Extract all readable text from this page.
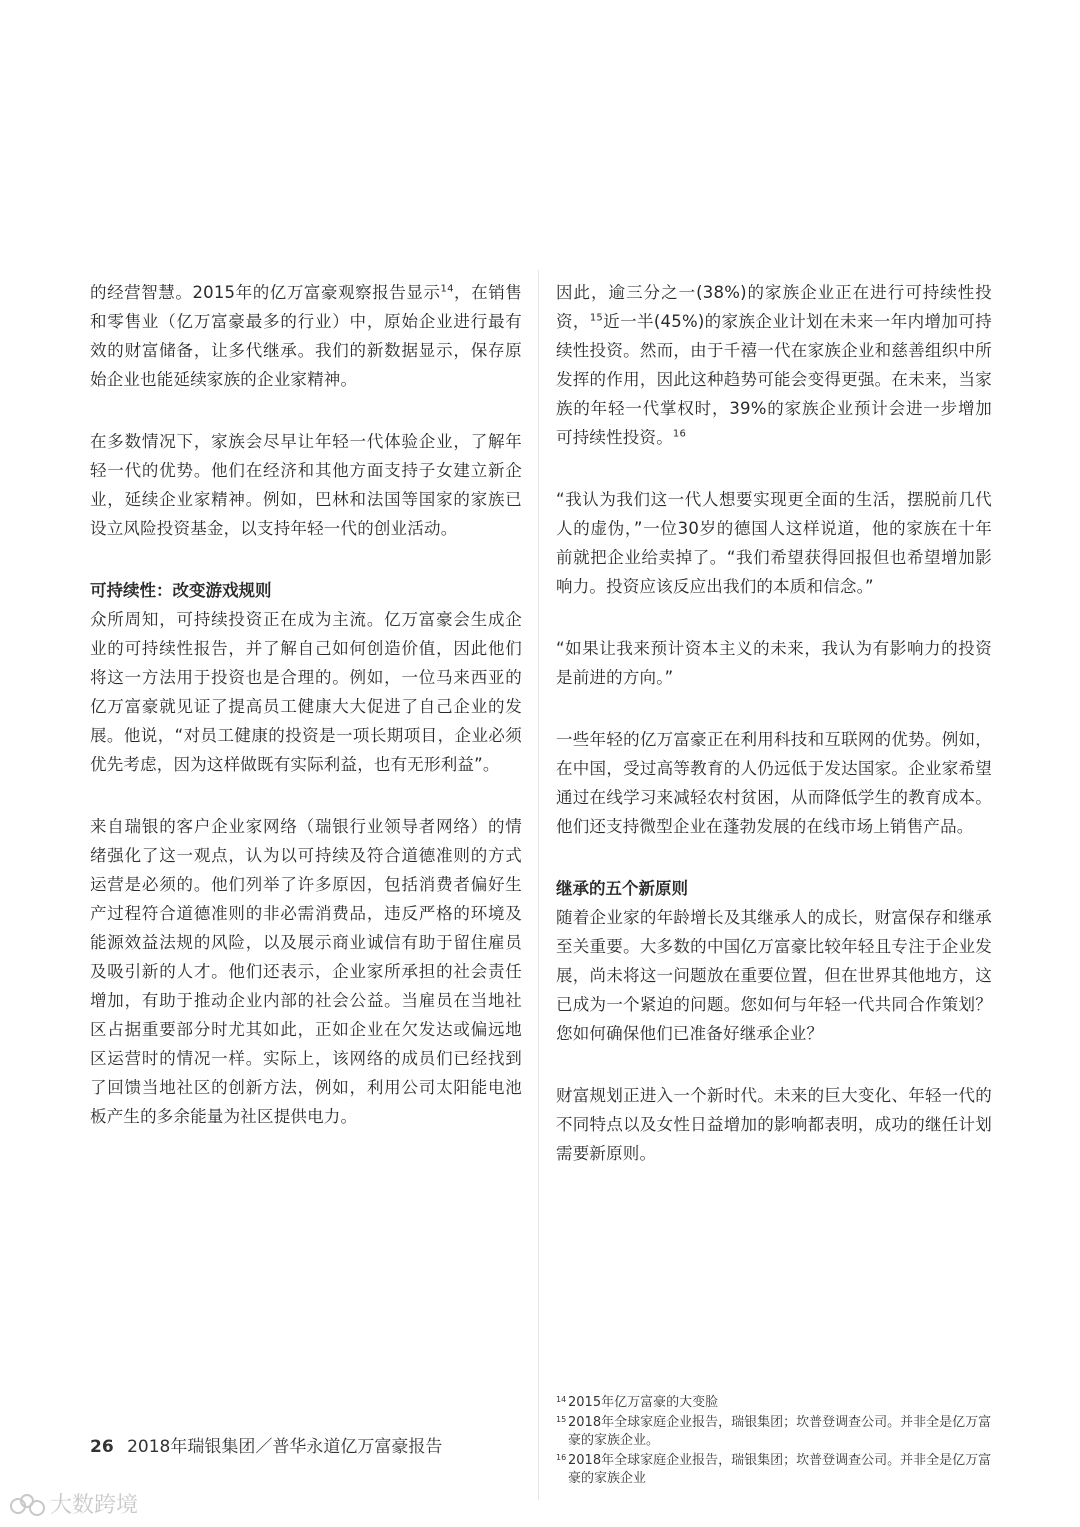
的经营智慧。2015年的亿万富豪观察报告显示$^{14}$，在销售和零售业（亿万富豪最多的行业）中，原始企业进行最有效的财富储备，让多代继承。我们的新数据显示，保存原始企业也能延续家族的企业家精神。

在多数情况下，家族会尽早让年轻一代体验企业，了解年轻一代的优势。他们在经济和其他方面支持子女建立新企业，延续企业家精神。例如，巴林和法国等国家的家族已设立风险投资基金，以支持年轻一代的创业活动。

可持续性：改变游戏规则

众所周知，可持续投资正在成为主流。亿万富豪会生成企业的可持续性报告，并了解自己如何创造价值，因此他们将这一方法用于投资也是合理的。例如，一位马来西亚的亿万富豪就见证了提高员工健康大大促进了自己企业的发展。他说，“对员工健康的投资是一项长期项目，企业必须优先考虑，因为这样做既有实际利益，也有无形利益”。

来自瑞银的客户企业家网络（瑞银行业领导者网络）的情绪强化了这一观点，认为以可持续及符合道德准则的方式运营是必须的。他们列举了许多原因，包括消费者偏好生产过程符合道德准则的非必需消费品，违反严格的环境及能源效益法规的风险，以及展示商业诚信有助于留住雇员及吸引新的人才。他们还表示，企业家所承担的社会责任增加，有助于推动企业内部的社会公益。当雇员在当地社区占据重要部分时尤其如此，正如企业在欠发达或偏远地区运营时的情况一样。实际上，该网络的成员们已经找到了回馈当地社区的创新方法，例如，利用公司太阳能电池板产生的多余能量为社区提供电力。

因此，逾三分之一(38%)的家族企业正在进行可持续性投资，$^{15}$近一半(45%)的家族企业计划在未来一年内增加可持续性投资。然而，由于千禧一代在家族企业和慈善组织中所发挥的作用，因此这种趋势可能会变得更强。在未来，当家族的年轻一代掌权时，39%的家族企业预计会进一步增加可持续性投资。$^{16}$

“我认为我们这一代人想要实现更全面的生活，摆脱前几代人的虚伪，”一位30岁的德国人这样说道，他的家族在十年前就把企业给卖掉了。“我们希望获得回报但也希望增加影响力。投资应该反应出我们的本质和信念。”

“如果让我来预计资本主义的未来，我认为有影响力的投资是前进的方向。”

一些年轻的亿万富豪正在利用科技和互联网的优势。例如，在中国，受过高等教育的人仍远低于发达国家。企业家希望通过在线学习来减轻农村贫困，从而降低学生的教育成本。他们还支持微型企业在蓬勃发展的在线市场上销售产品。

继承的五个新原则

随着企业家的年龄增长及其继承人的成长，财富保存和继承至关重要。大多数的中国亿万富豪比较年轻且专注于企业发展，尚未将这一问题放在重要位置，但在世界其他地方，这已成为一个紧迫的问题。您如何与年轻一代共同合作策划？您如何确保他们已准备好继承企业？

财富规划正进入一个新时代。未来的巨大变化、年轻一代的不同特点以及女性日益增加的影响都表明，成功的继任计划需要新原则。

14 2015年亿万富豪的大变脸
15 2018年全球家庭企业报告，瑞银集团；坎普登调查公司。并非全是亿万富豪的家族企业。
16 2018年全球家庭企业报告，瑞银集团；坎普登调查公司。并非全是亿万富豪的家族企业
26 2018年瑞银集团／普华永道亿万富豪报告
大数跨境
